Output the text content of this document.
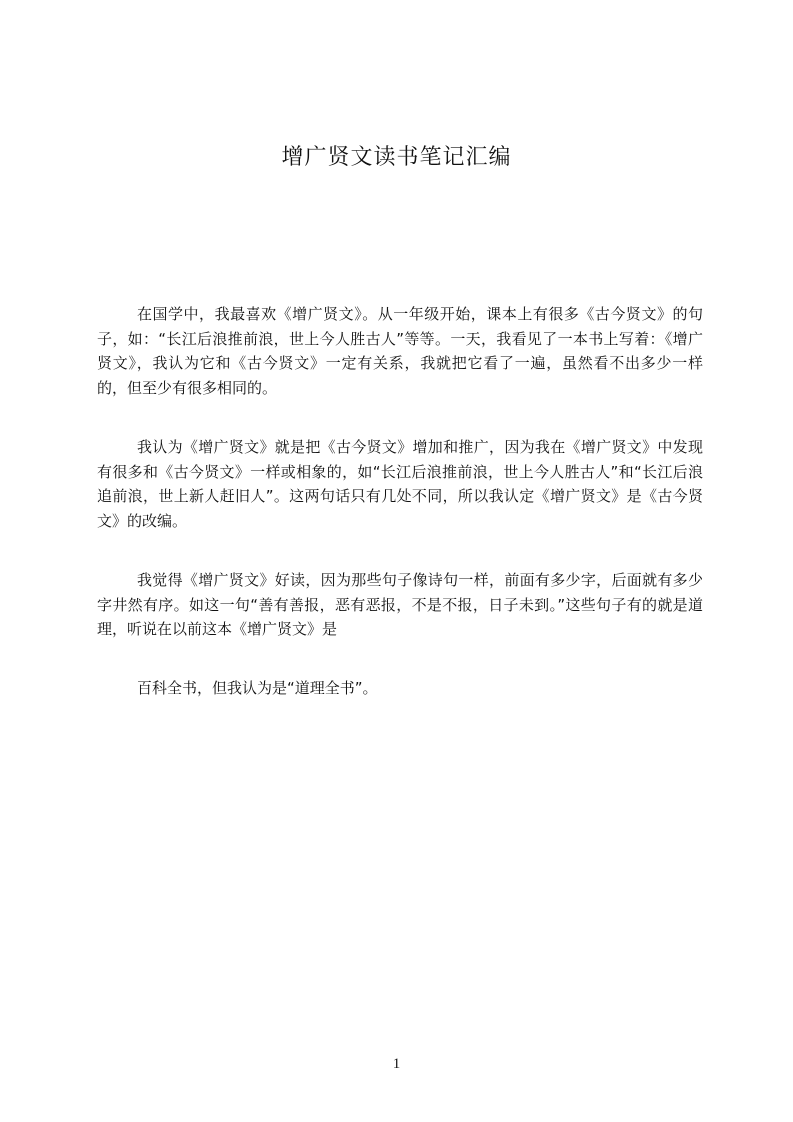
增广贤文读书笔记汇编

在国学中，我最喜欢《增广贤文》。从一年级开始，课本上有很多《古今贤文》的句子，如：“长江后浪推前浪，世上今人胜古人”等等。一天，我看见了一本书上写着：《增广贤文》，我认为它和《古今贤文》一定有关系，我就把它看了一遍，虽然看不出多少一样的，但至少有很多相同的。

我认为《增广贤文》就是把《古今贤文》增加和推广，因为我在《增广贤文》中发现有很多和《古今贤文》一样或相象的，如“长江后浪推前浪，世上今人胜古人”和“长江后浪追前浪，世上新人赶旧人”。这两句话只有几处不同，所以我认定《增广贤文》是《古今贤文》的改编。

我觉得《增广贤文》好读，因为那些句子像诗句一样，前面有多少字，后面就有多少字井然有序。如这一句“善有善报，恶有恶报，不是不报，日子未到。”这些句子有的就是道理，听说在以前这本《增广贤文》是

百科全书，但我认为是“道理全书”。

1
